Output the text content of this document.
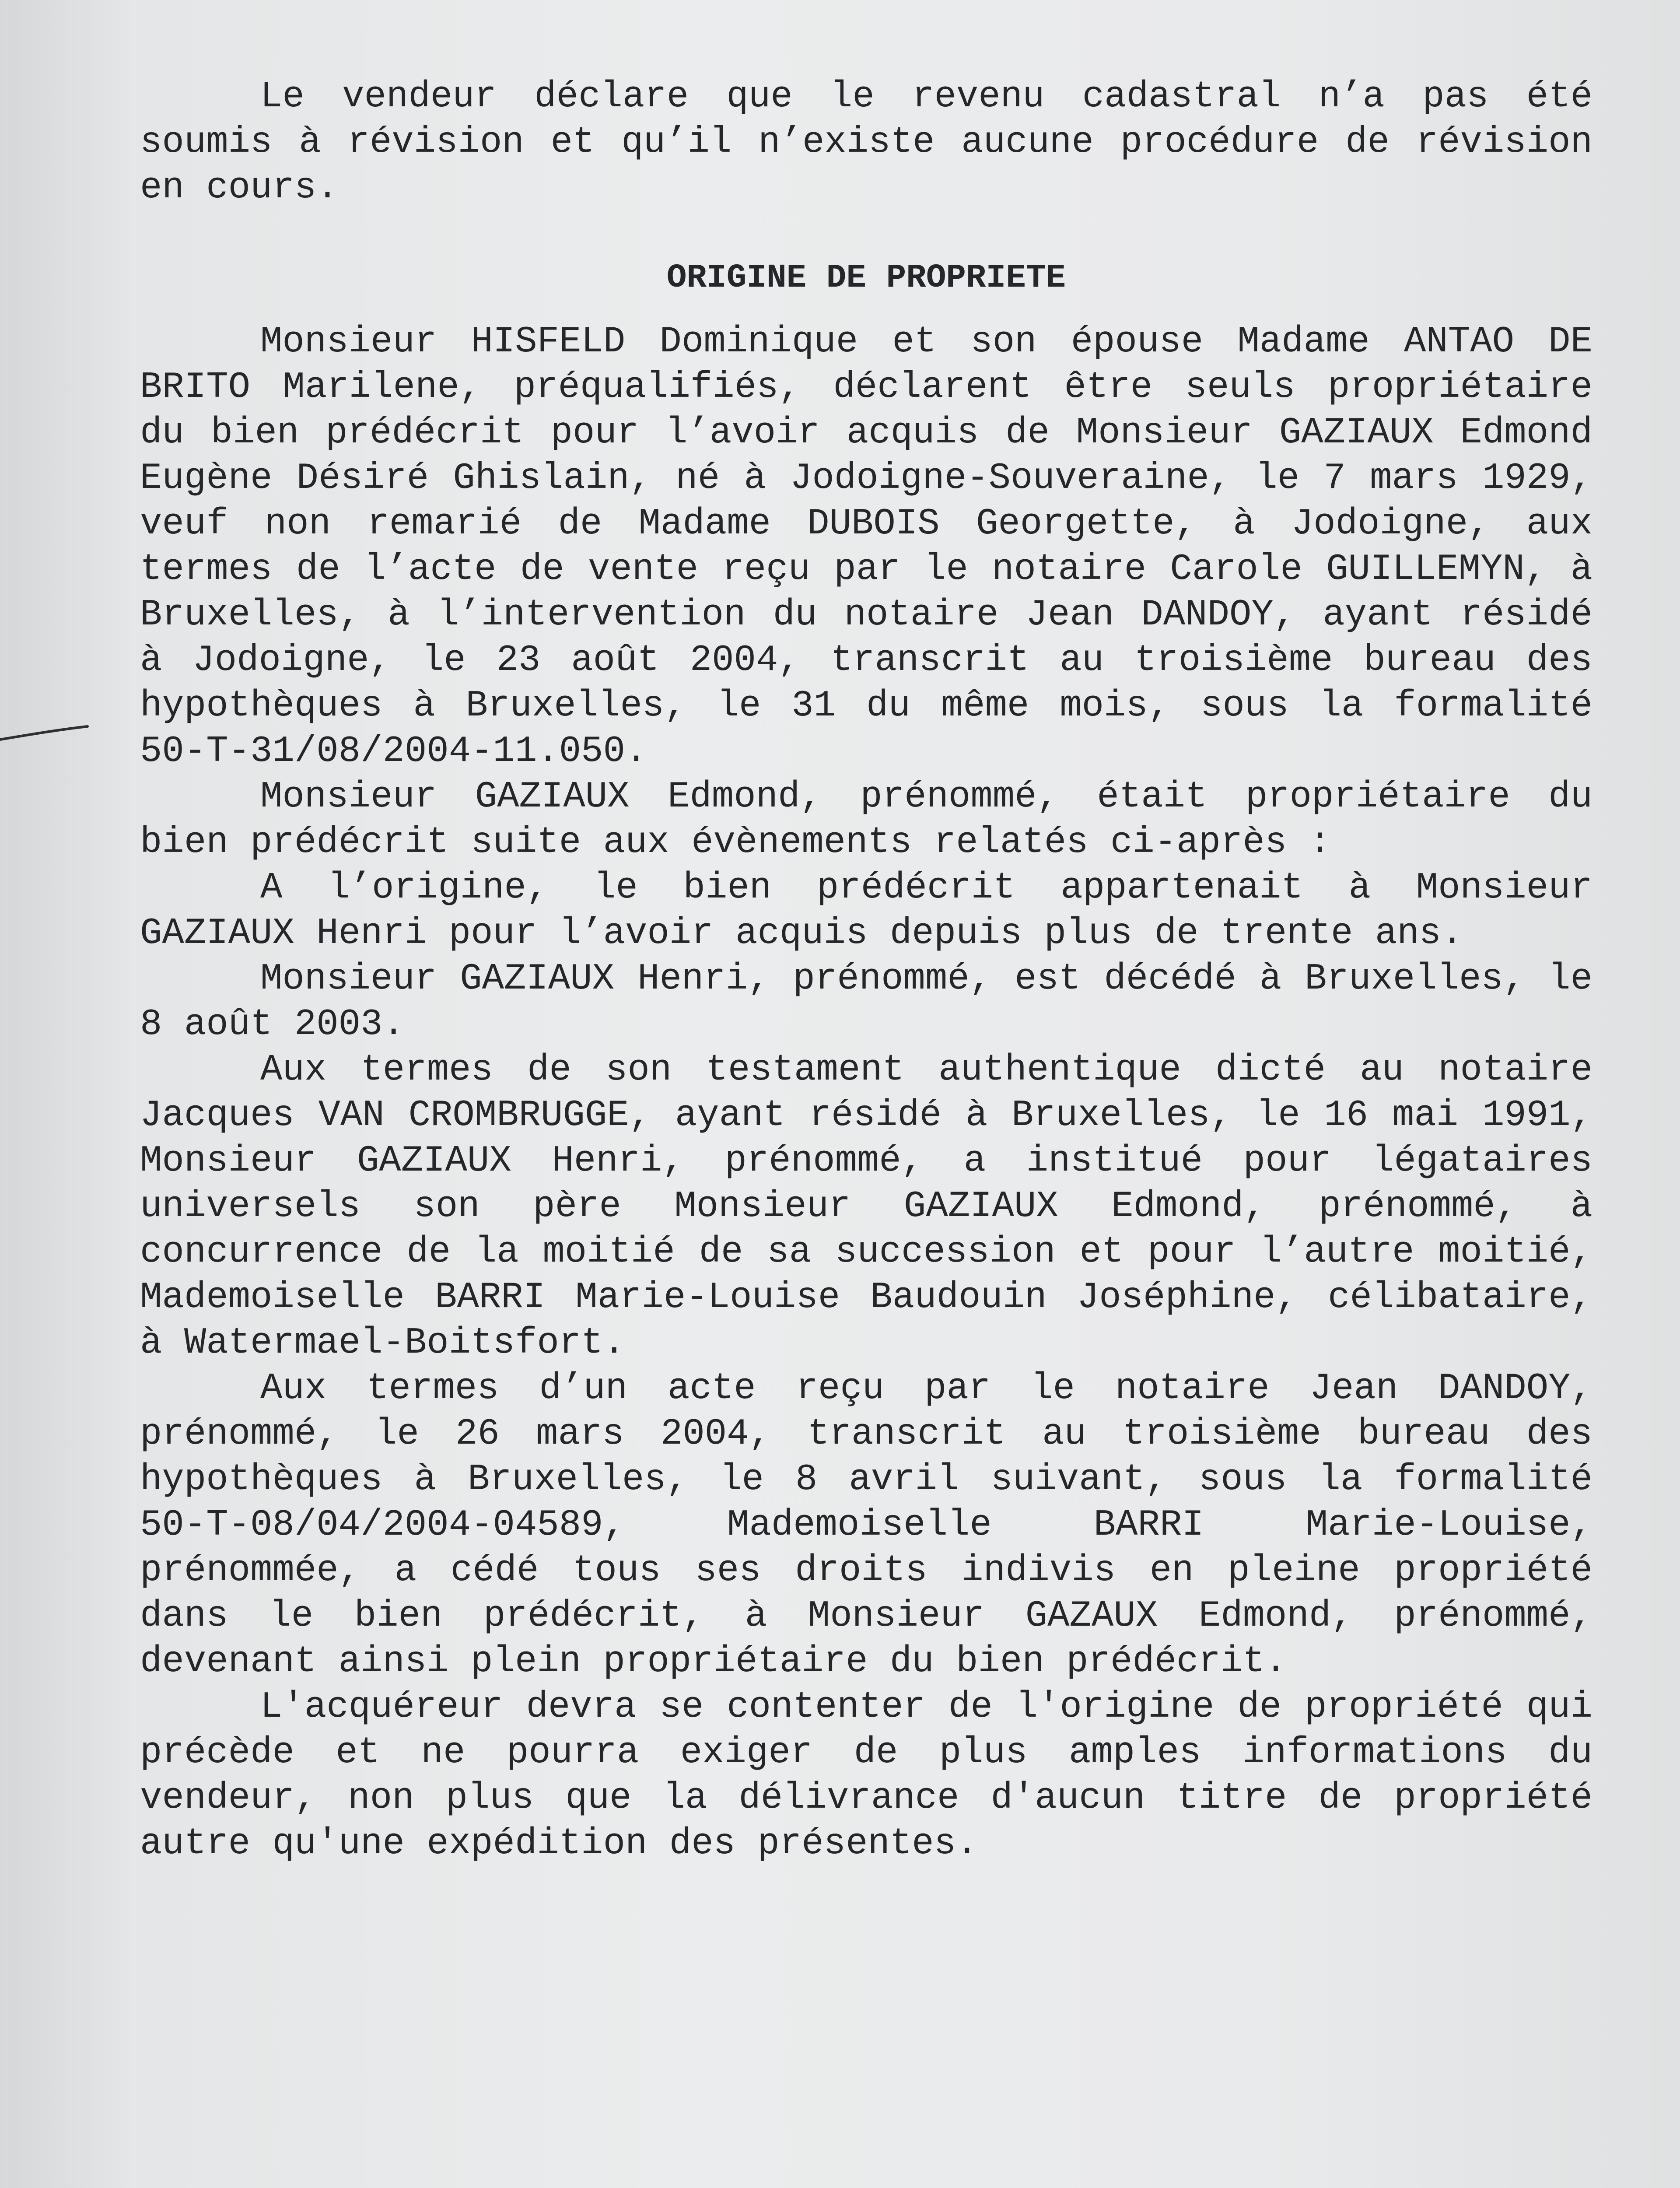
Le vendeur déclare que le revenu cadastral n’a pas été soumis à révision et qu’il n’existe aucune procédure de révision en cours.

ORIGINE DE PROPRIETE

Monsieur HISFELD Dominique et son épouse Madame ANTAO DE BRITO Marilene, préqualifiés, déclarent être seuls propriétaire du bien prédécrit pour l’avoir acquis de Monsieur GAZIAUX Edmond Eugène Désiré Ghislain, né à Jodoigne-Souveraine, le 7 mars 1929, veuf non remarié de Madame DUBOIS Georgette, à Jodoigne, aux termes de l’acte de vente reçu par le notaire Carole GUILLEMYN, à Bruxelles, à l’intervention du notaire Jean DANDOY, ayant résidé à Jodoigne, le 23 août 2004, transcrit au troisième bureau des hypothèques à Bruxelles, le 31 du même mois, sous la formalité 50-T-31/08/2004-11.050.

Monsieur GAZIAUX Edmond, prénommé, était propriétaire du bien prédécrit suite aux évènements relatés ci-après :

A l’origine, le bien prédécrit appartenait à Monsieur GAZIAUX Henri pour l’avoir acquis depuis plus de trente ans.

Monsieur GAZIAUX Henri, prénommé, est décédé à Bruxelles, le 8 août 2003.

Aux termes de son testament authentique dicté au notaire Jacques VAN CROMBRUGGE, ayant résidé à Bruxelles, le 16 mai 1991, Monsieur GAZIAUX Henri, prénommé, a institué pour légataires universels son père Monsieur GAZIAUX Edmond, prénommé, à concurrence de la moitié de sa succession et pour l’autre moitié, Mademoiselle BARRI Marie-Louise Baudouin Joséphine, célibataire, à Watermael-Boitsfort.

Aux termes d’un acte reçu par le notaire Jean DANDOY, prénommé, le 26 mars 2004, transcrit au troisième bureau des hypothèques à Bruxelles, le 8 avril suivant, sous la formalité 50-T-08/04/2004-04589, Mademoiselle BARRI Marie-Louise, prénommée, a cédé tous ses droits indivis en pleine propriété dans le bien prédécrit, à Monsieur GAZAUX Edmond, prénommé, devenant ainsi plein propriétaire du bien prédécrit.

L'acquéreur devra se contenter de l'origine de propriété qui précède et ne pourra exiger de plus amples informations du vendeur, non plus que la délivrance d'aucun titre de propriété autre qu'une expédition des présentes.
